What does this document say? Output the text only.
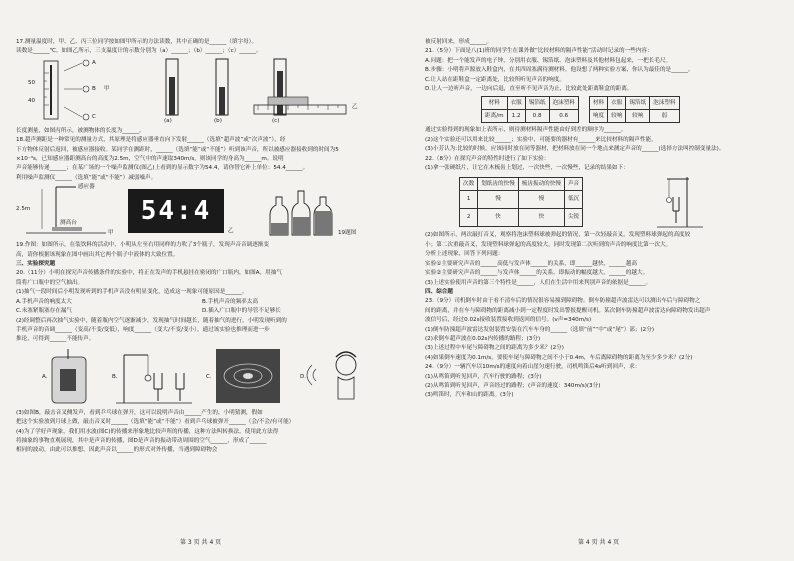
17.测量温度时，甲、乙、丙三位同学按如图甲所示的方法读数，其中正确的是______（填字母）。
读数是______℃。如图乙所示，三支温度计的示数分别为（a）______；（b）______；（c）______。
A
B
C
甲
50
40
(a)	(b)	(c)
乙
长度测量，如图丙所示，被测物体的长度为______。
18.超声测距是一种常见的测量方式，其原理是将感应器垂直向下发射______（选填“超声波”或“次声波”），经
下方物体反射后返回，被感应器接收。某同学在测距时，______（选填“能”或“不能”）听到该声音，所以被感应器接收到的时间为5
×10⁻³s，已知感应器距测高台的高度为2.5m，空气中的声速取340m/s，则该同学的身高为______m。说明
声音能够传递______；在某广场的一个噪声监测仪(图乙)上看到的显示数字为54.4，请你替它补上单位：54.4______。
利用噪声监测仪______（选填“能”或“不能”）减弱噪声。
54:4
感应器
2.5m
测高台
甲	乙	19题图
19.作图：如图所示，在装饮料的活动中，小明从左至右用同样的力吹了3个瓶子，发现声音音调逐渐变
高，请你根据该现象在图中画出其它两个瓶子中液体的大致位置。
三、实验探究题
20.（11分）小明在探究声音传播条件的实验中，将正在发声的手机悬挂在密闭的广口瓶内，如图A，用抽气
筒将广口瓶中的空气抽出。
(1)抽气一段时间后小明发现听到的手机声音没有明显变化，造成这一现象可能原因是______。
A.手机声音的响度太大	B.手机声音的频率太高
C.未塞紧瓶塞存在漏气	D.插入广口瓶中的导管不足够长
(2)经调整后再次抽气实验中，随着瓶内空气逐渐减少，发现抽气时间越长，随着抽气的进行，小明发现听到的
手机声音的音调______（变高/不变/变低），响度______（变大/不变/变小），通过该实验也推理而进一步
推论，可得到______不能传声。
A.	B.	C.	D.
(3)如图B，敲击音叉侧发声，看到乒乓球在弹开，这可以说明声音由______产生的，小明猜测，假如
把这个实验放到月球上做，敲击音叉时______（选填“能”或“不能”）看到乒乓球被弹开______（会/不会/有可能）
(4)为了学好声现象，我们用水波(图C)的传播来形象地比较声所的传播，这种方法叫转换法，使用此方法得
将抽象的事物直观展现，其中是声音的传播，图D是声音的振动带动周围的空气______，形成了______
相同的波动，由此可以推想，因此声音以______的形式对外传播，当遇到障碍物会
第 3 页 共 4 页
被反射回来，形成______。
21.（5分）下面是八(1)班的同学生在课外做“比较材料的隔声性能”活动时记录的一些内容：
A.问题：把一个能发声的电子钟，分别用衣服、锡箔纸、泡沫塑料及其他材料包起来，一把长毛尺。
B.步骤：小明将声源放入鞋盒内，在其四周塞满待测材料。他设想了两种实验方案，你认为最佳的是______。
C.让人站在距鞋盒一定距离处，比较所听见声音的响度。
D.让人一边听声音，一边向后退，直至听不见声音为止，比较此处距离鞋盒的距离。
材料	衣服	锡箔纸	泡沫塑料
距离/m	1.2	0.8	0.6
材料	衣服	锡箔纸	泡沫塑料
响度	较响	较响	弱
通过实验得到的现象如上表所示，则待测材料隔声性能由好到差的顺序为______。
(2)这个实验还可以用来比较______；实验中，可能要的器材有______来比较材料的隔声性能。
(3)小芳认为:比较的时候，应该同时放在同等器材，把材料放在同一个地点来测定声音的______(选择方法叫控制变量法)。
22.（8分）在探究声音的特性时进行了如下实验：
(1)拿一张硬纸片，让它在木梳齿上划过，一次快些，一次慢些，记录的结果如下：
次数	划纸齿的快慢	梳齿振动的快慢	声音
1	慢	慢	低沉
2	快	快	尖锐
(2)如图所示，两次敲打音叉，观察将泡沫塑料球被弹起的情况，第一次轻敲音叉，发现塑料球弹起的高度较
小；第二次重敲音叉，发现塑料球弹起的高度较大，同时发现第二次听到的声音的响度比第一次大。
分析上述现象，回答下列问题：
实验①主要研究声音的______高低与发声体______的关系，即______越快，______越高
实验②主要研究声音的______与发声体______的关系。即振动的幅度越大，______的越大。
(3)上述实验使用声音的第三个特性是______，人们在生活中用来判别声音的依据是______。
四、综合题
23.（9分）司机倒车时由于看不清车后的情况很容易撞到障碍物。倒车防撞超声波雷达可以测出车后与障碍物之
间的距离，并在车与障碍物的距离减小到一定程度时发出警报提醒司机。某次倒车防撞超声波雷达向障碍物发出超声
波信号后，经过0.02s接收装置接收到返回的信号。(v声=340m/s)
(1)倒车防撞超声波雷达发射装置安装在汽车车身的______（选填“前”“中”或“尾”）部；(2分)
(2)求倒车超声波在0.02s内传播的路程；(3分)
(3)上述过程中车尾与障碍物之间的距离为多少米？(2分)
(4)如果倒车速度为0.1m/s，要使车尾与障碍物之间不小于0.4m，车后离障碍物的距离为至少多少米？(2分)
24.（9分）一辆汽车以10m/s的速度向着山崖匀速行驶，司机鸣笛后4s听到回声，求：
(1)从鸣笛到听见回声，汽车行驶的路程；(3分)
(2)从鸣笛到听见回声，声音经过的路程；(声音的速度：340m/s)(3分)
(3)鸣笛时，汽车和山的距离。(3分)
第 4 页 共 4 页
